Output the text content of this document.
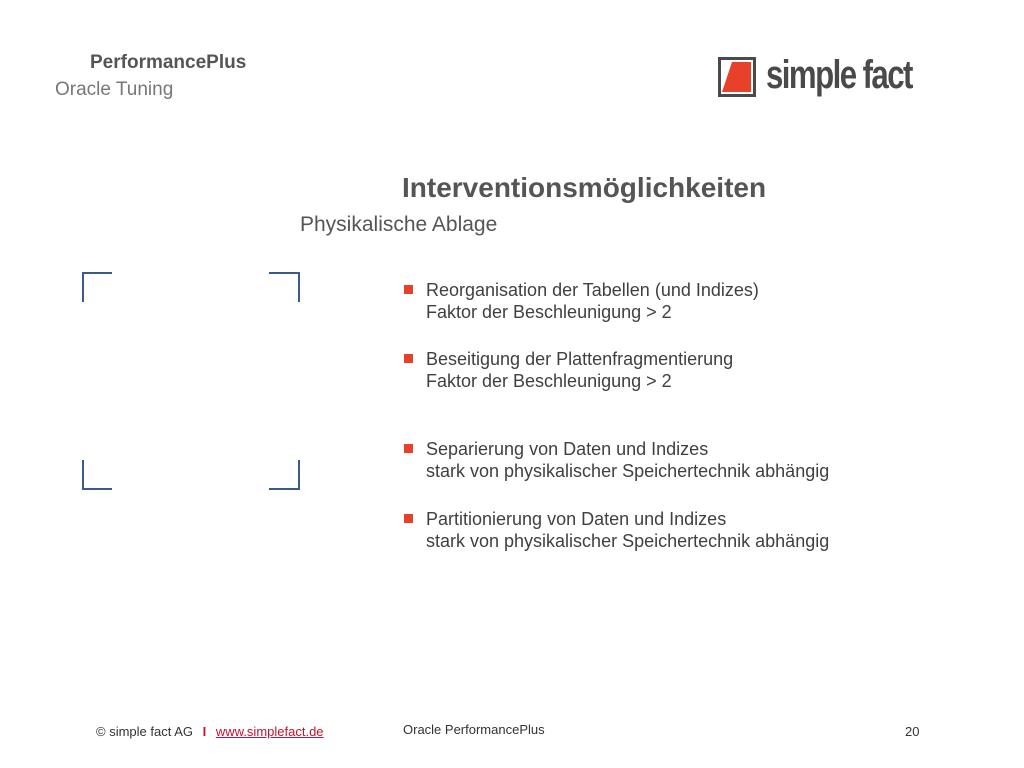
PerformancePlus
Oracle Tuning	simple fact
Interventionsmöglichkeiten
Physikalische Ablage
Reorganisation der Tabellen (und Indizes)
Faktor der Beschleunigung > 2
Beseitigung der Plattenfragmentierung
Faktor der Beschleunigung > 2
Separierung von Daten und Indizes
stark von physikalischer Speichertechnik abhängig
Partitionierung von Daten und Indizes
stark von physikalischer Speichertechnik abhängig
© simple fact AG I www.simplefact.de	Oracle PerformancePlus	20
